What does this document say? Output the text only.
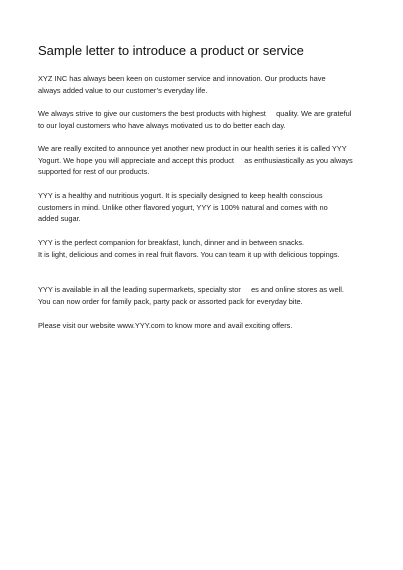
Sample letter to introduce a product or service
XYZ INC has always been keen on customer service and innovation. Our products have
always added value to our customer’s everyday life.
We always strive to give our customers the best products with highest     quality. We are grateful
to our loyal customers who have always motivated us to do better each day.
We are really excited to announce yet another new product in our health series it is called YYY
Yogurt. We hope you will appreciate and accept this product     as enthusiastically as you always
supported for rest of our products.
YYY is a healthy and nutritious yogurt. It is specially designed to keep health conscious
customers in mind. Unlike other flavored yogurt, YYY is 100% natural and comes with no
added sugar.
YYY is the perfect companion for breakfast, lunch, dinner and in between snacks.
It is light, delicious and comes in real fruit flavors. You can team it up with delicious toppings.
YYY is available in all the leading supermarkets, specialty stor     es and online stores as well.
You can now order for family pack, party pack or assorted pack for everyday bite.
Please visit our website www.YYY.com to know more and avail exciting offers.
